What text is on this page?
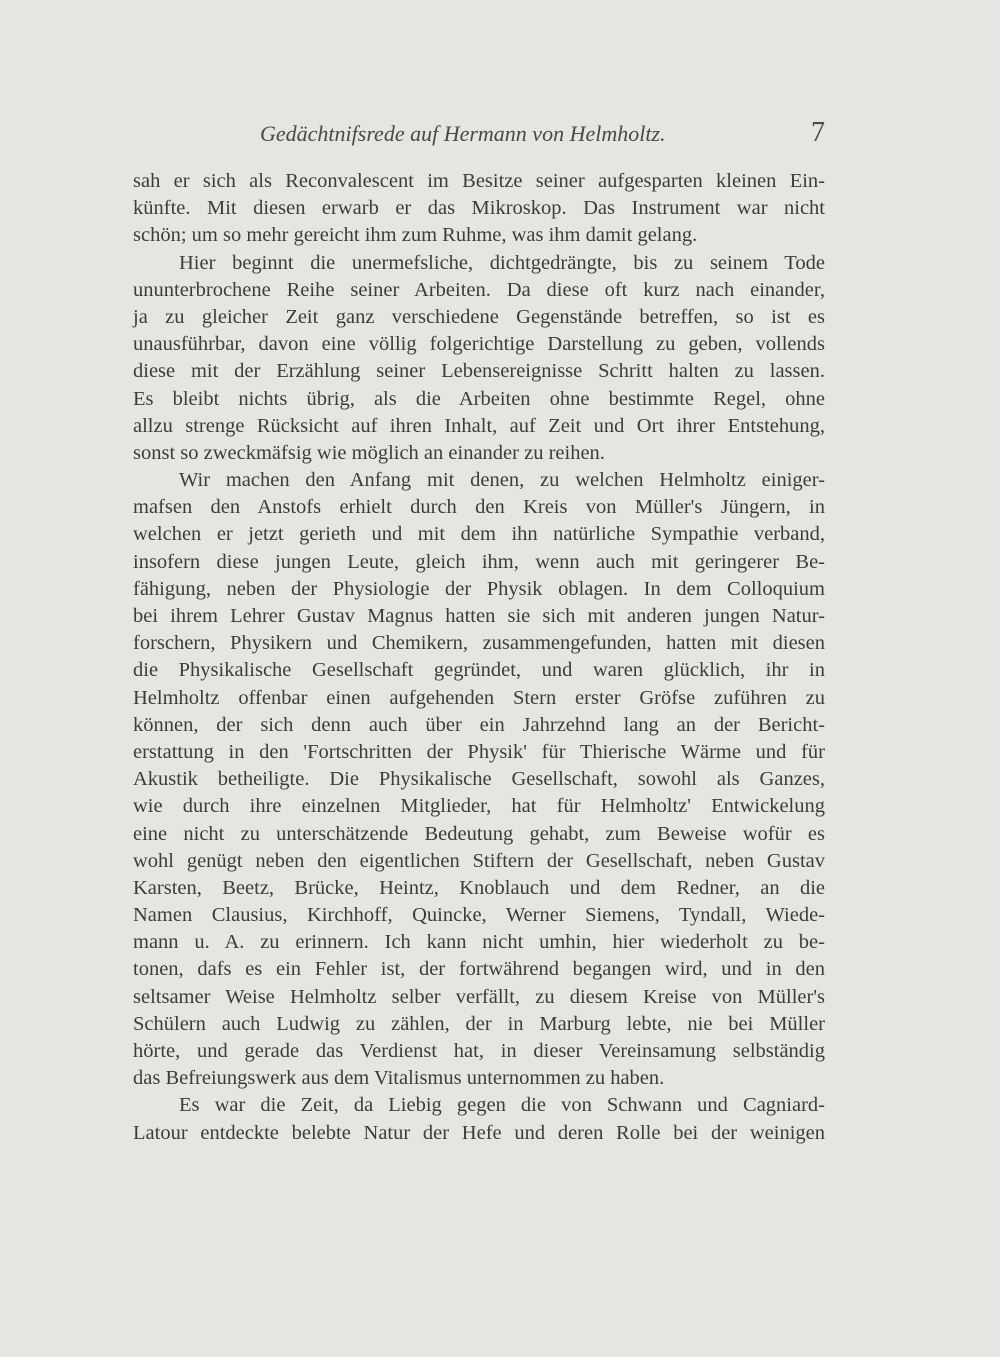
Gedächtnifsrede auf Hermann von Helmholtz.	7
sah er sich als Reconvalescent im Besitze seiner aufgesparten kleinen Ein-
künfte. Mit diesen erwarb er das Mikroskop. Das Instrument war nicht
schön; um so mehr gereicht ihm zum Ruhme, was ihm damit gelang.
Hier beginnt die unermefsliche, dichtgedrängte, bis zu seinem Tode
ununterbrochene Reihe seiner Arbeiten. Da diese oft kurz nach einander,
ja zu gleicher Zeit ganz verschiedene Gegenstände betreffen, so ist es
unausführbar, davon eine völlig folgerichtige Darstellung zu geben, vollends
diese mit der Erzählung seiner Lebensereignisse Schritt halten zu lassen.
Es bleibt nichts übrig, als die Arbeiten ohne bestimmte Regel, ohne
allzu strenge Rücksicht auf ihren Inhalt, auf Zeit und Ort ihrer Entstehung,
sonst so zweckmäfsig wie möglich an einander zu reihen.
Wir machen den Anfang mit denen, zu welchen Helmholtz einiger-
mafsen den Anstofs erhielt durch den Kreis von Müller's Jüngern, in
welchen er jetzt gerieth und mit dem ihn natürliche Sympathie verband,
insofern diese jungen Leute, gleich ihm, wenn auch mit geringerer Be-
fähigung, neben der Physiologie der Physik oblagen. In dem Colloquium
bei ihrem Lehrer Gustav Magnus hatten sie sich mit anderen jungen Natur-
forschern, Physikern und Chemikern, zusammengefunden, hatten mit diesen
die Physikalische Gesellschaft gegründet, und waren glücklich, ihr in
Helmholtz offenbar einen aufgehenden Stern erster Gröfse zuführen zu
können, der sich denn auch über ein Jahrzehnd lang an der Bericht-
erstattung in den 'Fortschritten der Physik' für Thierische Wärme und für
Akustik betheiligte. Die Physikalische Gesellschaft, sowohl als Ganzes,
wie durch ihre einzelnen Mitglieder, hat für Helmholtz' Entwickelung
eine nicht zu unterschätzende Bedeutung gehabt, zum Beweise wofür es
wohl genügt neben den eigentlichen Stiftern der Gesellschaft, neben Gustav
Karsten, Beetz, Brücke, Heintz, Knoblauch und dem Redner, an die
Namen Clausius, Kirchhoff, Quincke, Werner Siemens, Tyndall, Wiede-
mann u. A. zu erinnern. Ich kann nicht umhin, hier wiederholt zu be-
tonen, dafs es ein Fehler ist, der fortwährend begangen wird, und in den
seltsamer Weise Helmholtz selber verfällt, zu diesem Kreise von Müller's
Schülern auch Ludwig zu zählen, der in Marburg lebte, nie bei Müller
hörte, und gerade das Verdienst hat, in dieser Vereinsamung selbständig
das Befreiungswerk aus dem Vitalismus unternommen zu haben.
Es war die Zeit, da Liebig gegen die von Schwann und Cagniard-
Latour entdeckte belebte Natur der Hefe und deren Rolle bei der weinigen
